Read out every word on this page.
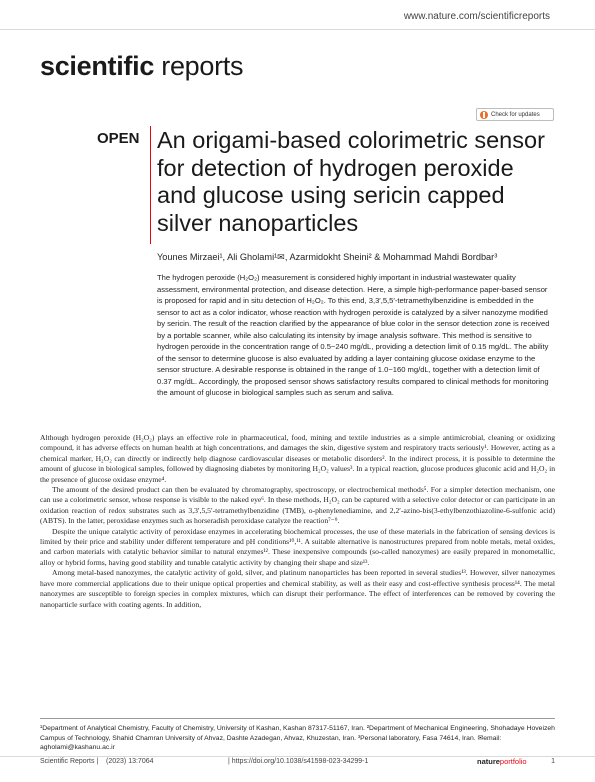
www.nature.com/scientificreports
scientific reports
Check for updates
OPEN An origami-based colorimetric sensor for detection of hydrogen peroxide and glucose using sericin capped silver nanoparticles
Younes Mirzaei¹, Ali Gholami¹✉, Azarmidokht Sheini² & Mohammad Mahdi Bordbar³

The hydrogen peroxide (H₂O₂) measurement is considered highly important in industrial wastewater quality assessment, environmental protection, and disease detection. Here, a simple high-performance paper-based sensor is proposed for rapid and in situ detection of H₂O₂. To this end, 3,3′,5,5′-tetramethylbenzidine is embedded in the sensor to act as a color indicator, whose reaction with hydrogen peroxide is catalyzed by a silver nanozyme modified by sericin. The result of the reaction clarified by the appearance of blue color in the sensor detection zone is received by a portable scanner, while also calculating its intensity by image analysis software. This method is sensitive to hydrogen peroxide in the concentration range of 0.5−240 mg/dL, providing a detection limit of 0.15 mg/dL. The ability of the sensor to determine glucose is also evaluated by adding a layer containing glucose oxidase enzyme to the sensor structure. A desirable response is obtained in the range of 1.0−160 mg/dL, together with a detection limit of 0.37 mg/dL. Accordingly, the proposed sensor shows satisfactory results compared to clinical methods for monitoring the amount of glucose in biological samples such as serum and saliva.

Although hydrogen peroxide (H₂O₂) plays an effective role in pharmaceutical, food, mining and textile industries as a simple antimicrobial, cleaning or oxidizing compound, it has adverse effects on human health at high concentrations, and damages the skin, digestive system and respiratory tracts seriously¹. However, acting as a chemical marker, H₂O₂ can directly or indirectly help diagnose cardiovascular diseases or metabolic disorders². In the indirect process, it is possible to determine the amount of glucose in biological samples, followed by diagnosing diabetes by monitoring H₂O₂ values³. In a typical reaction, glucose produces gluconic acid and H₂O₂ in the presence of glucose oxidase enzyme⁴.

The amount of the desired product can then be evaluated by chromatography, spectroscopy, or electrochemical methods⁵. For a simpler detection mechanism, one can use a colorimetric sensor, whose response is visible to the naked eye⁶. In these methods, H₂O₂ can be captured with a selective color detector or can participate in an oxidation reaction of redox substrates such as 3,3′,5,5′-tetramethylbenzidine (TMB), o-phenylenediamine, and 2,2′-azino-bis(3-ethylbenzothiazoline-6-sulfonic acid) (ABTS). In the latter, peroxidase enzymes such as horseradish peroxidase catalyze the reaction⁷⁻⁹.

Despite the unique catalytic activity of peroxidase enzymes in accelerating biochemical processes, the use of these materials in the fabrication of sensing devices is limited by their price and stability under different temperature and pH conditions¹⁰,¹¹. A suitable alternative is nanostructures prepared from noble metals, metal oxides, and carbon materials with catalytic behavior similar to natural enzymes¹². These inexpensive compounds (so-called nanozymes) are easily prepared in monometallic, alloy or hybrid forms, having good stability and tunable catalytic activity by changing their shape and size¹³.

Among metal-based nanozymes, the catalytic activity of gold, silver, and platinum nanoparticles has been reported in several studies¹³. However, silver nanozymes have more commercial applications due to their unique optical properties and chemical stability, as well as their easy and cost-effective synthesis process¹⁴. The metal nanozymes are susceptible to foreign species in complex mixtures, which can disrupt their performance. The effect of interferences can be removed by covering the nanoparticle surface with coating agents. In addition,

¹Department of Analytical Chemistry, Faculty of Chemistry, University of Kashan, Kashan 87317-51167, Iran. ²Department of Mechanical Engineering, Shohadaye Hoveizeh Campus of Technology, Shahid Chamran University of Ahvaz, Dashte Azadegan, Ahvaz, Khuzestan, Iran. ³Personal laboratory, Fasa 74614, Iran. ✉email: agholami@kashanu.ac.ir

Scientific Reports | (2023) 13:7064	| https://doi.org/10.1038/s41598-023-34299-1	natureportfolio	1
